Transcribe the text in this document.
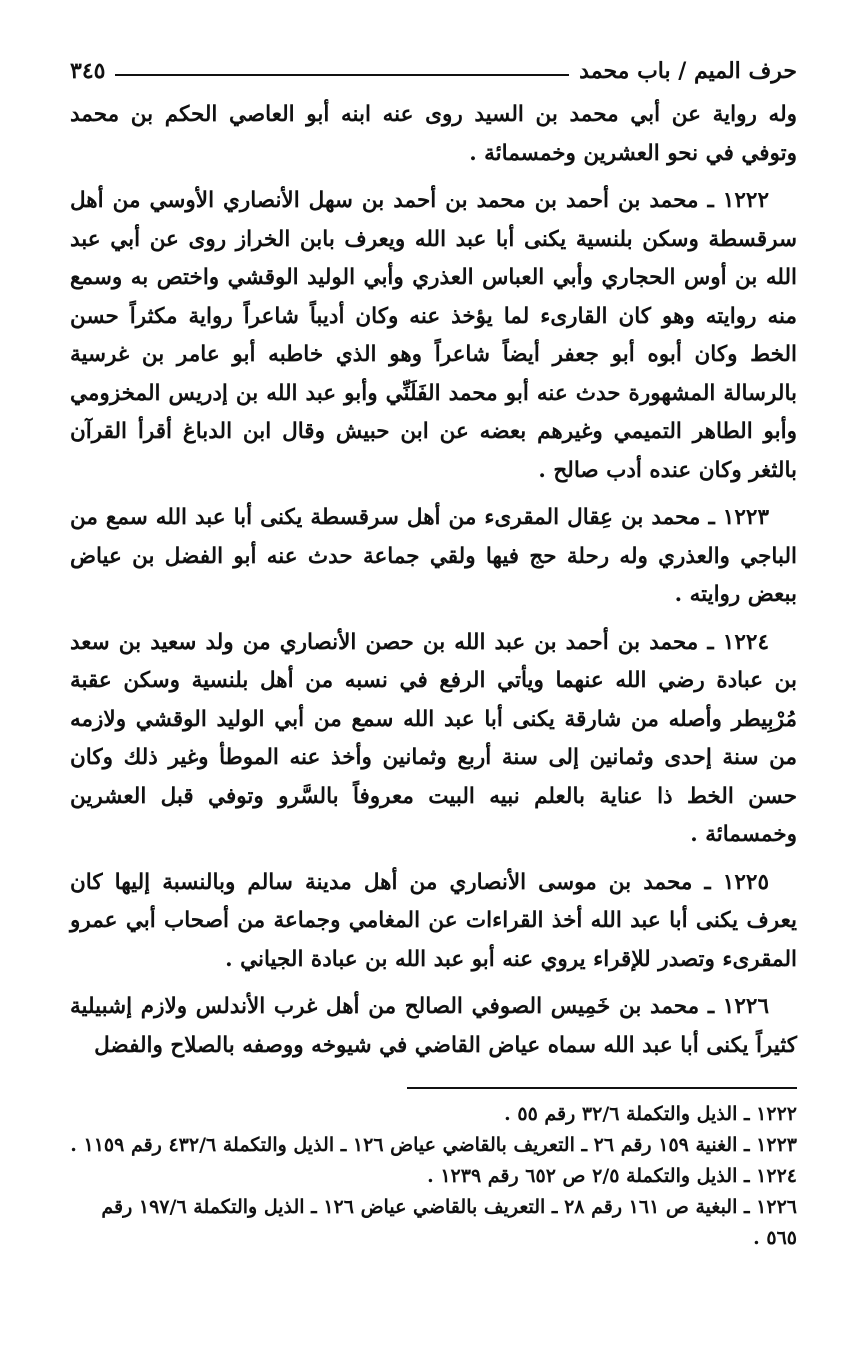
حرف الميم / باب محمد
٣٤٥

وله رواية عن أبي محمد بن السيد روى عنه ابنه أبو العاصي الحكم بن محمد وتوفي في نحو العشرين وخمسمائة .

١٢٢٢ ـ محمد بن أحمد بن محمد بن أحمد بن سهل الأنصاري الأوسي من أهل سرقسطة وسكن بلنسية يكنى أبا عبد الله ويعرف بابن الخراز روى عن أبي عبد الله بن أوس الحجاري وأبي العباس العذري وأبي الوليد الوقشي واختص به وسمع منه روايته وهو كان القارىء لما يؤخذ عنه وكان أديباً شاعراً رواية مكثراً حسن الخط وكان أبوه أبو جعفر أيضاً شاعراً وهو الذي خاطبه أبو عامر بن غرسية بالرسالة المشهورة حدث عنه أبو محمد الفَلَنِّي وأبو عبد الله بن إدريس المخزومي وأبو الطاهر التميمي وغيرهم بعضه عن ابن حبيش وقال ابن الدباغ أقرأ القرآن بالثغر وكان عنده أدب صالح .

١٢٢٣ ـ محمد بن عِقال المقرىء من أهل سرقسطة يكنى أبا عبد الله سمع من الباجي والعذري وله رحلة حج فيها ولقي جماعة حدث عنه أبو الفضل بن عياض ببعض روايته .

١٢٢٤ ـ محمد بن أحمد بن عبد الله بن حصن الأنصاري من ولد سعيد بن سعد بن عبادة رضي الله عنهما ويأتي الرفع في نسبه من أهل بلنسية وسكن عقبة مُرْبِيطر وأصله من شارقة يكنى أبا عبد الله سمع من أبي الوليد الوقشي ولازمه من سنة إحدى وثمانين إلى سنة أربع وثمانين وأخذ عنه الموطأ وغير ذلك وكان حسن الخط ذا عناية بالعلم نبيه البيت معروفاً بالسَّرو وتوفي قبل العشرين وخمسمائة .

١٢٢٥ ـ محمد بن موسى الأنصاري من أهل مدينة سالم وبالنسبة إليها كان يعرف يكنى أبا عبد الله أخذ القراءات عن المغامي وجماعة من أصحاب أبي عمرو المقرىء وتصدر للإقراء يروي عنه أبو عبد الله بن عبادة الجياني .

١٢٢٦ ـ محمد بن خَمِيس الصوفي الصالح من أهل غرب الأندلس ولازم إشبيلية كثيراً يكنى أبا عبد الله سماه عياض القاضي في شيوخه ووصفه بالصلاح والفضل

١٢٢٢ ـ الذيل والتكملة ٣٢/٦ رقم ٥٥ .

١٢٢٣ ـ الغنية ١٥٩ رقم ٢٦ ـ التعريف بالقاضي عياض ١٢٦ ـ الذيل والتكملة ٤٣٢/٦ رقم ١١٥٩ .

١٢٢٤ ـ الذيل والتكملة ٢/٥ ص ٦٥٢ رقم ١٢٣٩ .

١٢٢٦ ـ البغية ص ١٦١ رقم ٢٨ ـ التعريف بالقاضي عياض ١٢٦ ـ الذيل والتكملة ١٩٧/٦ رقم ٥٦٥ .
